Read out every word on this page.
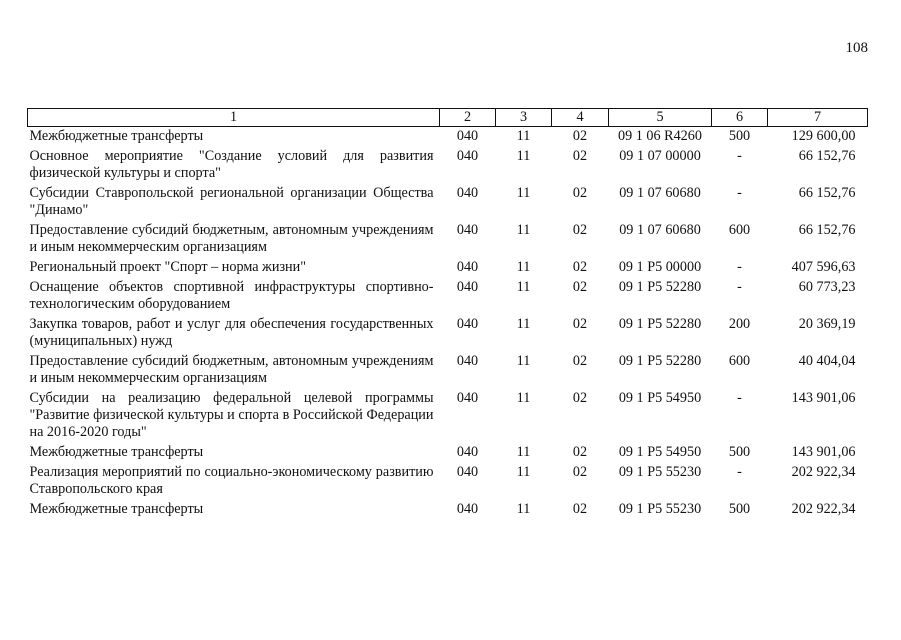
108
1	2	3	4	5	6	7
Межбюджетные трансферты	040	11	02	09 1 06 R4260	500	129 600,00
Основное мероприятие "Создание условий для развития физической культуры и спорта"	040	11	02	09 1 07 00000	-	66 152,76
Субсидии Ставропольской региональной организации Общества "Динамо"	040	11	02	09 1 07 60680	-	66 152,76
Предоставление субсидий бюджетным, автономным учреждениям и иным некоммерческим организациям	040	11	02	09 1 07 60680	600	66 152,76
Региональный проект "Спорт – норма жизни"	040	11	02	09 1 P5 00000	-	407 596,63
Оснащение объектов спортивной инфраструктуры спортивно-технологическим оборудованием	040	11	02	09 1 P5 52280	-	60 773,23
Закупка товаров, работ и услуг для обеспечения государственных (муниципальных) нужд	040	11	02	09 1 P5 52280	200	20 369,19
Предоставление субсидий бюджетным, автономным учреждениям и иным некоммерческим организациям	040	11	02	09 1 P5 52280	600	40 404,04
Субсидии на реализацию федеральной целевой программы "Развитие физической культуры и спорта в Российской Федерации на 2016-2020 годы"	040	11	02	09 1 P5 54950	-	143 901,06
Межбюджетные трансферты	040	11	02	09 1 P5 54950	500	143 901,06
Реализация мероприятий по социально-экономическому развитию Ставропольского края	040	11	02	09 1 P5 55230	-	202 922,34
Межбюджетные трансферты	040	11	02	09 1 P5 55230	500	202 922,34
